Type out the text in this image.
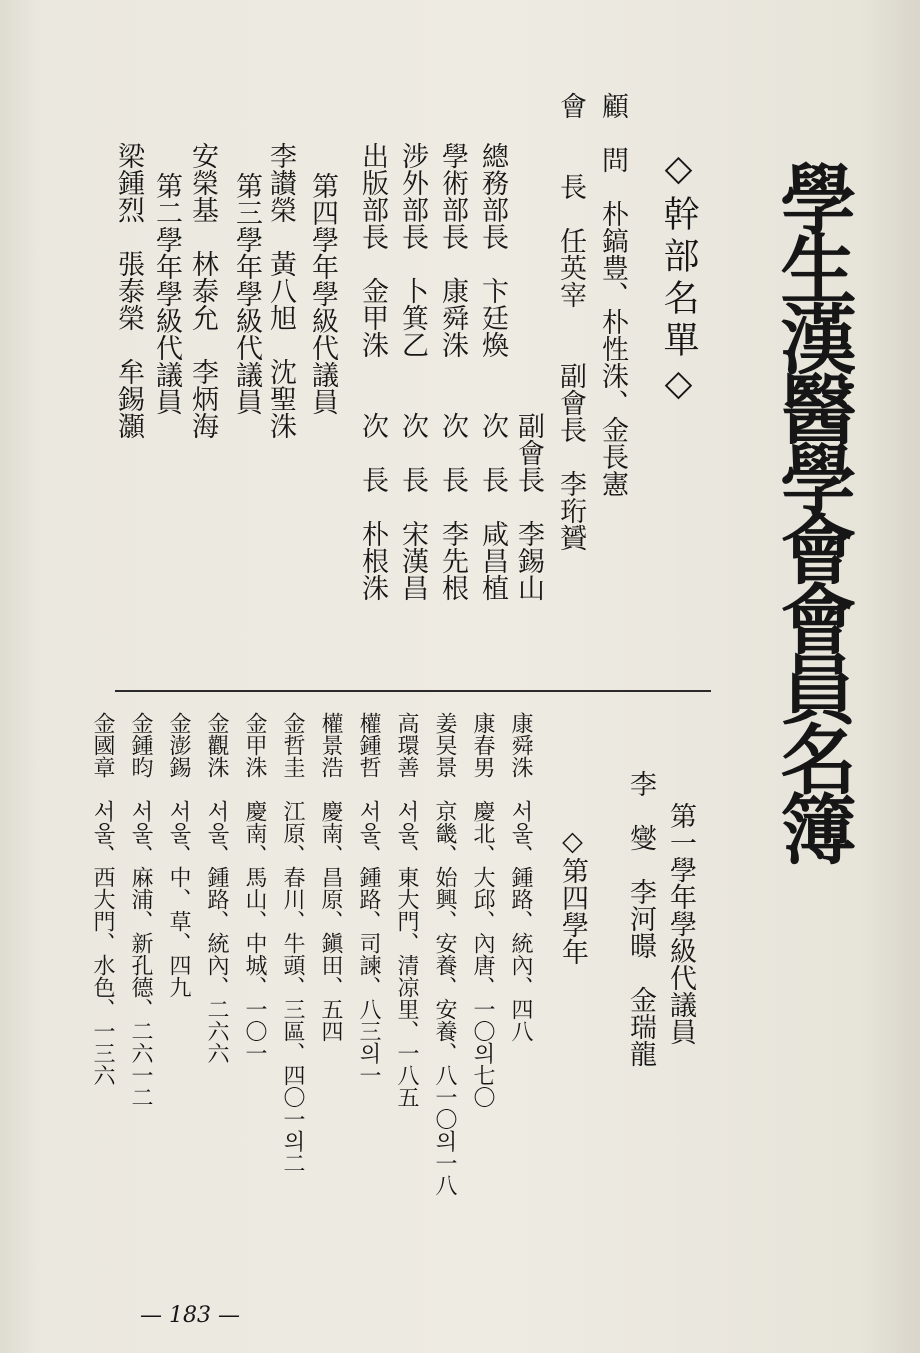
學生漢醫學會會員名簿
◇幹部名單◇
顧　問　朴鎬豊、朴性洙、金長憲
會　　長　任英宰　　副會長　李珩贇
副會長　李錫山
總務部長　卞廷煥　　次　長　咸昌植
學術部長　康舜洙　　次　長　李先根
涉外部長　卜箕乙　　次　長　宋漢昌
出版部長　金甲洙　　次　長　朴根洙
第四學年學級代議員
李讃榮　黃八旭　沈聖洙
第三學年學級代議員
安榮基　林泰允　李炳海
第二學年學級代議員
梁鍾烈　張泰榮　牟錫灝
第一學年學級代議員
李　燮　李河暻　金瑞龍
◇第四學年
康舜洙　서울、鍾路、統內、四八
康春男　慶北、大邱、內唐、一〇의七〇
姜旲景　京畿、始興、安養、安養、八一〇의一八
高環善　서울、東大門、清凉里、一八五
權鍾哲　서울、鍾路、司諫、八三의一
權景浩　慶南、昌原、鎭田、五四
金哲圭　江原、春川、牛頭、三區、四〇一의二
金甲洙　慶南、馬山、中城、一〇一
金觀洙　서울、鍾路、統內、二六六
金澎錫　서울、中、草、四九
金鍾昀　서울、麻浦、新孔德、二六一二
金國章　서울、西大門、水色、一三六
— 183 —
